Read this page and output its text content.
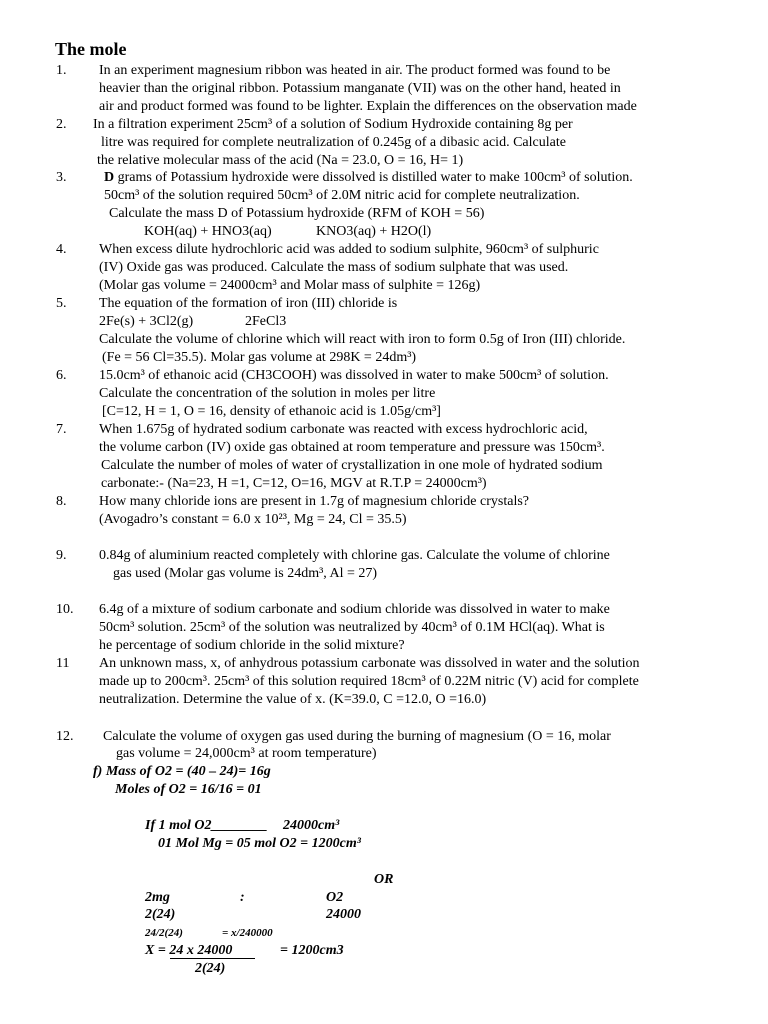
The mole
1.
2.
3.
4.
5.
6.
7.
8.
9.
10.
11
12.
In an experiment magnesium ribbon was heated in air. The product formed was found to be
heavier than the original ribbon. Potassium manganate (VII) was on the other hand, heated in
air and product formed was found to be lighter. Explain the differences on the observation made
In a filtration experiment 25cm³ of a solution of Sodium Hydroxide containing 8g per
litre was required for complete neutralization of 0.245g of a dibasic acid. Calculate
the relative molecular mass of the acid (Na = 23.0, O = 16, H= 1)
D grams of Potassium hydroxide were dissolved is distilled water to make 100cm³ of solution.
50cm³ of the solution required 50cm³ of 2.0M nitric acid for complete neutralization.
Calculate the mass D of Potassium hydroxide (RFM of KOH = 56)
KOH(aq) + HNO3(aq)	KNO3(aq) + H2O(l)
When excess dilute hydrochloric acid was added to sodium sulphite, 960cm³ of sulphuric
(IV) Oxide gas was produced. Calculate the mass of sodium sulphate that was used.
(Molar gas volume = 24000cm³ and Molar mass of sulphite = 126g)
The equation of the formation of iron (III) chloride is
2Fe(s) + 3Cl2(g)	2FeCl3
Calculate the volume of chlorine which will react with iron to form 0.5g of Iron (III) chloride.
(Fe = 56 Cl=35.5). Molar gas volume at 298K = 24dm³)
15.0cm³ of ethanoic acid (CH3COOH) was dissolved in water to make 500cm³ of solution.
Calculate the concentration of the solution in moles per litre
[C=12, H = 1, O = 16, density of ethanoic acid is 1.05g/cm³]
When 1.675g of hydrated sodium carbonate was reacted with excess hydrochloric acid,
the volume carbon (IV) oxide gas obtained at room temperature and pressure was 150cm³.
Calculate the number of moles of water of crystallization in one mole of hydrated sodium
carbonate:- (Na=23, H =1, C=12, O=16, MGV at R.T.P = 24000cm³)
How many chloride ions are present in 1.7g of magnesium chloride crystals?
(Avogadro’s constant = 6.0 x 10²³, Mg = 24, Cl = 35.5)
0.84g of aluminium reacted completely with chlorine gas. Calculate the volume of chlorine
gas used (Molar gas volume is 24dm³, Al = 27)
6.4g of a mixture of sodium carbonate and sodium chloride was dissolved in water to make
50cm³ solution. 25cm³ of the solution was neutralized by 40cm³ of 0.1M HCl(aq). What is
he percentage of sodium chloride in the solid mixture?
An unknown mass, x, of anhydrous potassium carbonate was dissolved in water and the solution
made up to 200cm³. 25cm³ of this solution required 18cm³ of 0.22M nitric (V) acid for complete
neutralization. Determine the value of x. (K=39.0, C =12.0, O =16.0)
Calculate the volume of oxygen gas used during the burning of magnesium (O = 16, molar
gas volume = 24,000cm³ at room temperature)
f) Mass of O2 = (40 – 24)= 16g
Moles of O2 = 16/16 = 01
If 1 mol O2________ 24000cm³
01 Mol Mg = 05 mol O2 = 1200cm³
OR
2mg	:	O2
2(24)	24000
24/2(24)	= x/240000
X = 24 x 24000	= 1200cm3
2(24)
